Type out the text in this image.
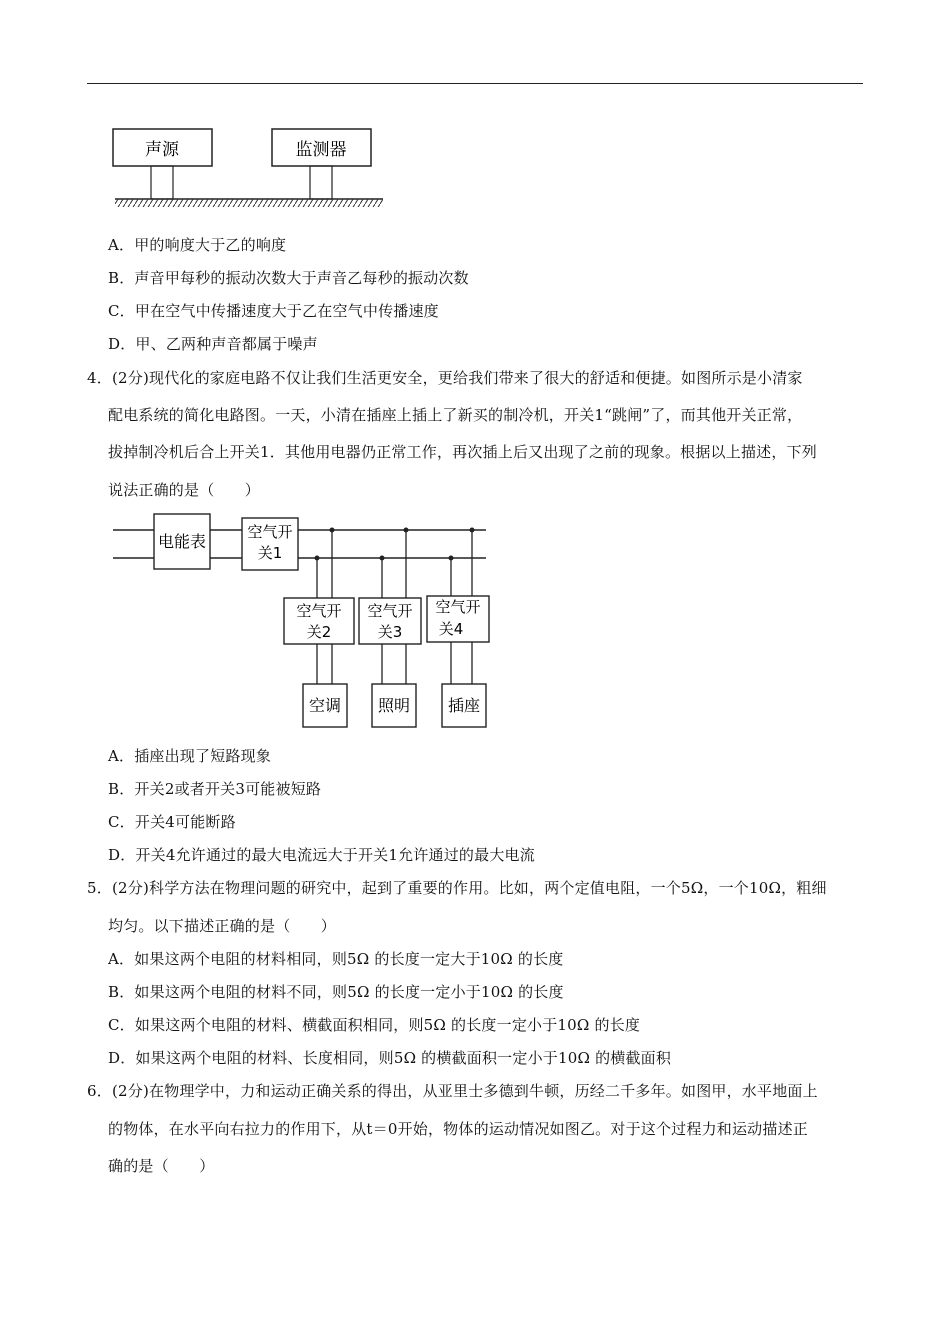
声源	监测器
A．甲的响度大于乙的响度
B．声音甲每秒的振动次数大于声音乙每秒的振动次数
C．甲在空气中传播速度大于乙在空气中传播速度
D．甲、乙两种声音都属于噪声
4．(2分)现代化的家庭电路不仅让我们生活更安全，更给我们带来了很大的舒适和便捷。如图所示是小清家
配电系统的简化电路图。一天，小清在插座上插上了新买的制冷机，开关1“跳闸”了，而其他开关正常，
拔掉制冷机后合上开关1．其他用电器仍正常工作，再次插上后又出现了之前的现象。根据以上描述，下列
说法正确的是（　　）
电能表	空气开
关1
空气开
关2
空调
空气开
关3
照明
空气开
关4
插座
A．插座出现了短路现象
B．开关2或者开关3可能被短路
C．开关4可能断路
D．开关4允许通过的最大电流远大于开关1允许通过的最大电流
5．(2分)科学方法在物理问题的研究中，起到了重要的作用。比如，两个定值电阻，一个5Ω，一个10Ω，粗细
均匀。以下描述正确的是（　　）
A．如果这两个电阻的材料相同，则5Ω 的长度一定大于10Ω 的长度
B．如果这两个电阻的材料不同，则5Ω 的长度一定小于10Ω 的长度
C．如果这两个电阻的材料、横截面积相同，则5Ω 的长度一定小于10Ω 的长度
D．如果这两个电阻的材料、长度相同，则5Ω 的横截面积一定小于10Ω 的横截面积
6．(2分)在物理学中，力和运动正确关系的得出，从亚里士多德到牛顿，历经二千多年。如图甲，水平地面上
的物体，在水平向右拉力的作用下，从t＝0开始，物体的运动情况如图乙。对于这个过程力和运动描述正
确的是（　　）
